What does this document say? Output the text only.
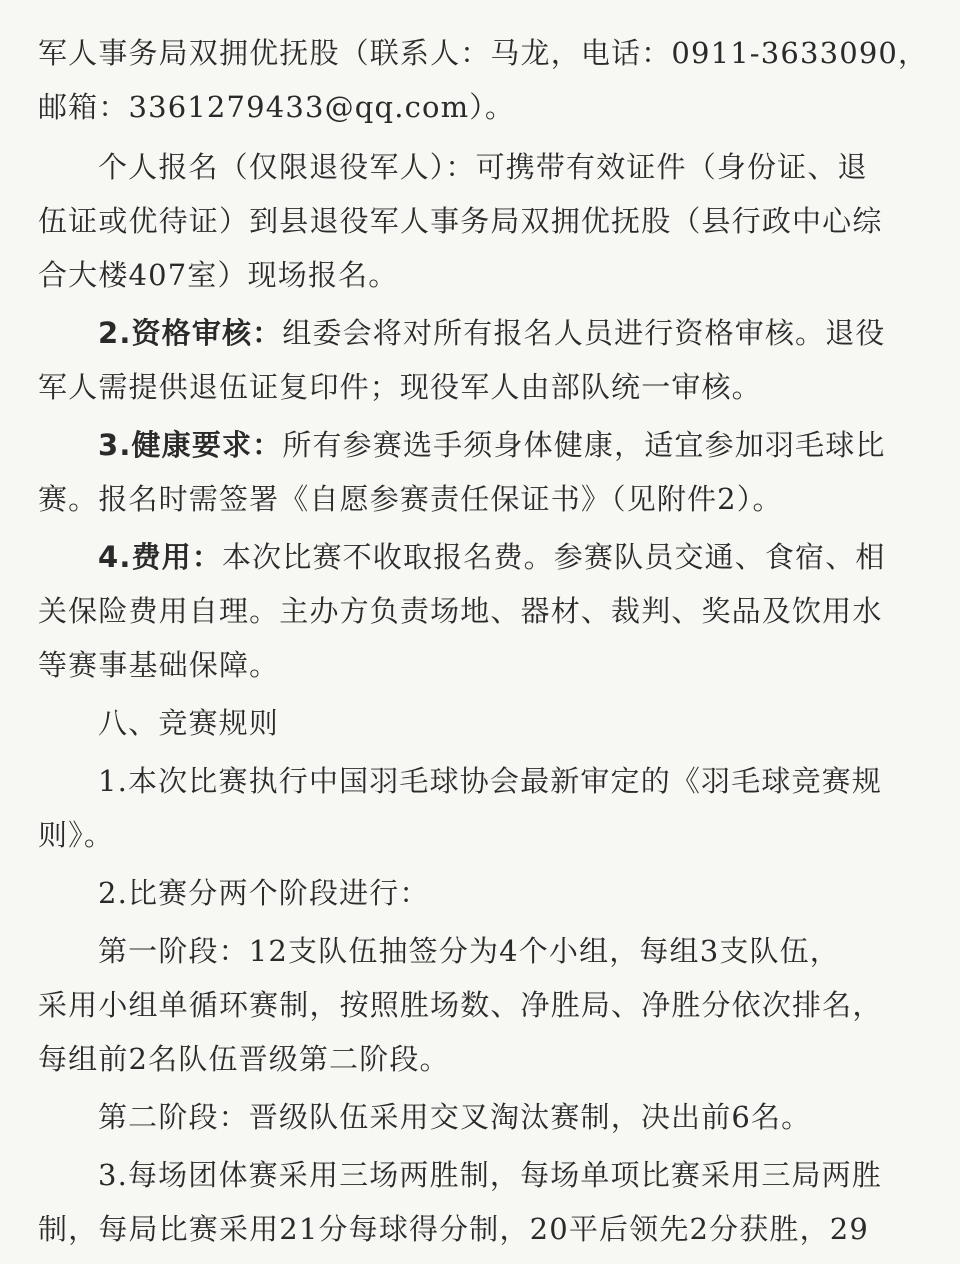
军人事务局双拥优抚股（联系人：马龙，电话：0911-3633090，
邮箱：3361279433@qq.com）。
个人报名（仅限退役军人）：可携带有效证件（身份证、退
伍证或优待证）到县退役军人事务局双拥优抚股（县行政中心综
合大楼407室）现场报名。
2.资格审核：组委会将对所有报名人员进行资格审核。退役
军人需提供退伍证复印件；现役军人由部队统一审核。
3.健康要求：所有参赛选手须身体健康，适宜参加羽毛球比
赛。报名时需签署《自愿参赛责任保证书》（见附件2）。
4.费用：本次比赛不收取报名费。参赛队员交通、食宿、相
关保险费用自理。主办方负责场地、器材、裁判、奖品及饮用水
等赛事基础保障。
八、竞赛规则
1.本次比赛执行中国羽毛球协会最新审定的《羽毛球竞赛规
则》。
2.比赛分两个阶段进行：
第一阶段：12支队伍抽签分为4个小组，每组3支队伍，
采用小组单循环赛制，按照胜场数、净胜局、净胜分依次排名，
每组前2名队伍晋级第二阶段。
第二阶段：晋级队伍采用交叉淘汰赛制，决出前6名。
3.每场团体赛采用三场两胜制，每场单项比赛采用三局两胜
制，每局比赛采用21分每球得分制，20平后领先2分获胜，29
